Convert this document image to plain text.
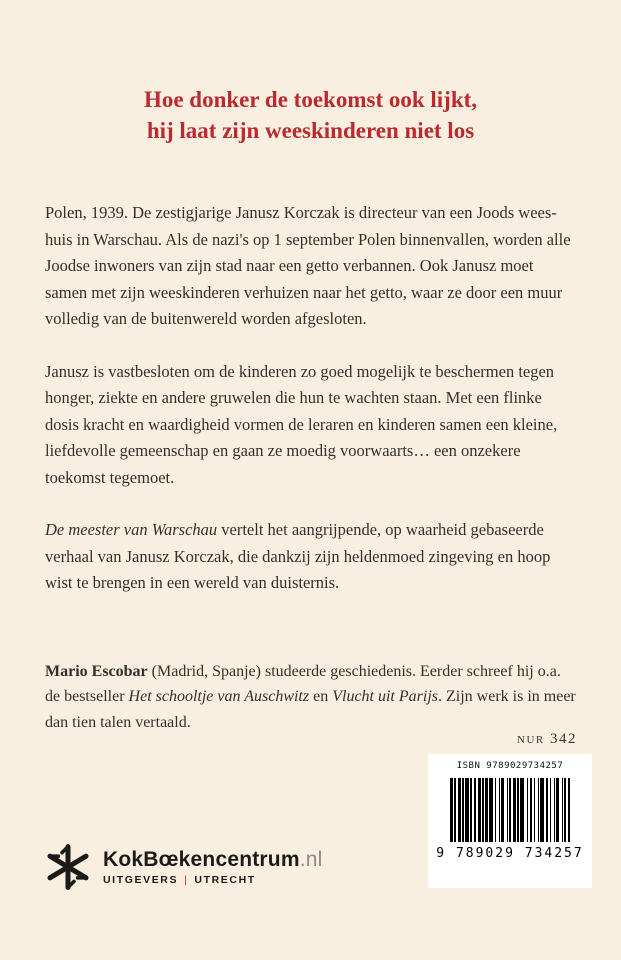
Hoe donker de toekomst ook lijkt,
hij laat zijn weeskinderen niet los

Polen, 1939. De zestigjarige Janusz Korczak is directeur van een Joods weeshuis in Warschau. Als de nazi's op 1 september Polen binnenvallen, worden alle Joodse inwoners van zijn stad naar een getto verbannen. Ook Janusz moet samen met zijn weeskinderen verhuizen naar het getto, waar ze door een muur volledig van de buitenwereld worden afgesloten.

Janusz is vastbesloten om de kinderen zo goed mogelijk te beschermen tegen honger, ziekte en andere gruwelen die hun te wachten staan. Met een flinke dosis kracht en waardigheid vormen de leraren en kinderen samen een kleine, liefdevolle gemeenschap en gaan ze moedig voorwaarts… een onzekere toekomst tegemoet.

De meester van Warschau vertelt het aangrijpende, op waarheid gebaseerde verhaal van Janusz Korczak, die dankzij zijn heldenmoed zingeving en hoop wist te brengen in een wereld van duisternis.

Mario Escobar (Madrid, Spanje) studeerde geschiedenis. Eerder schreef hij o.a. de bestseller Het schooltje van Auschwitz en Vlucht uit Parijs. Zijn werk is in meer dan tien talen vertaald.

nur 342
ISBN 9789029734257
9 789029 734257
KokBœkencentrum.nl
UITGEVERS | UTRECHT
